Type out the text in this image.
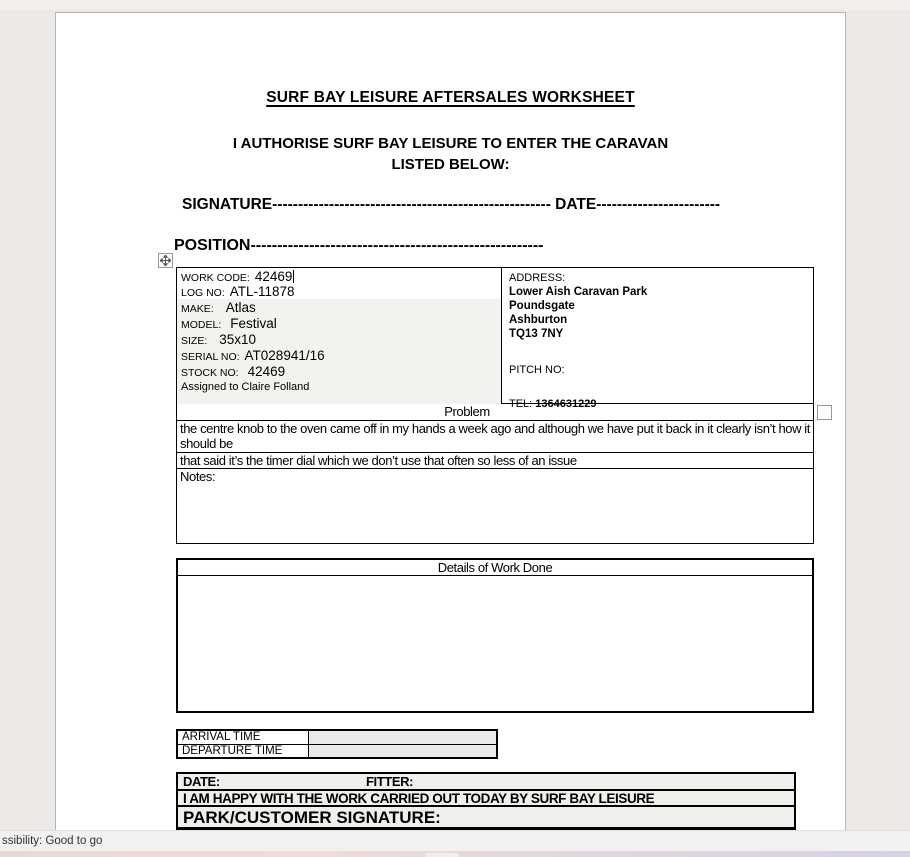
SURF BAY LEISURE AFTERSALES WORKSHEET
I AUTHORISE SURF BAY LEISURE TO ENTER THE CARAVAN
LISTED BELOW:
SIGNATURE------------------------------------------------------ DATE------------------------
POSITION-------------------------------------------------------
WORK CODE: 42469
LOG NO: ATL-11878
MAKE: Atlas
MODEL: Festival
SIZE: 35x10
SERIAL NO: AT028941/16
STOCK NO: 42469
Assigned to Claire Folland
ADDRESS:
Lower Aish Caravan Park
Poundsgate
Ashburton
TQ13 7NY
PITCH NO:
TEL: 1364631229
Problem
the centre knob to the oven came off in my hands a week ago and although we have put it back in it clearly isn’t how it should be
that said it’s the timer dial which we don’t use that often so less of an issue
Notes:
Details of Work Done
ARRIVAL TIME
DEPARTURE TIME
DATE:	FITTER:
I AM HAPPY WITH THE WORK CARRIED OUT TODAY BY SURF BAY LEISURE
PARK/CUSTOMER SIGNATURE:
ssibility: Good to go
